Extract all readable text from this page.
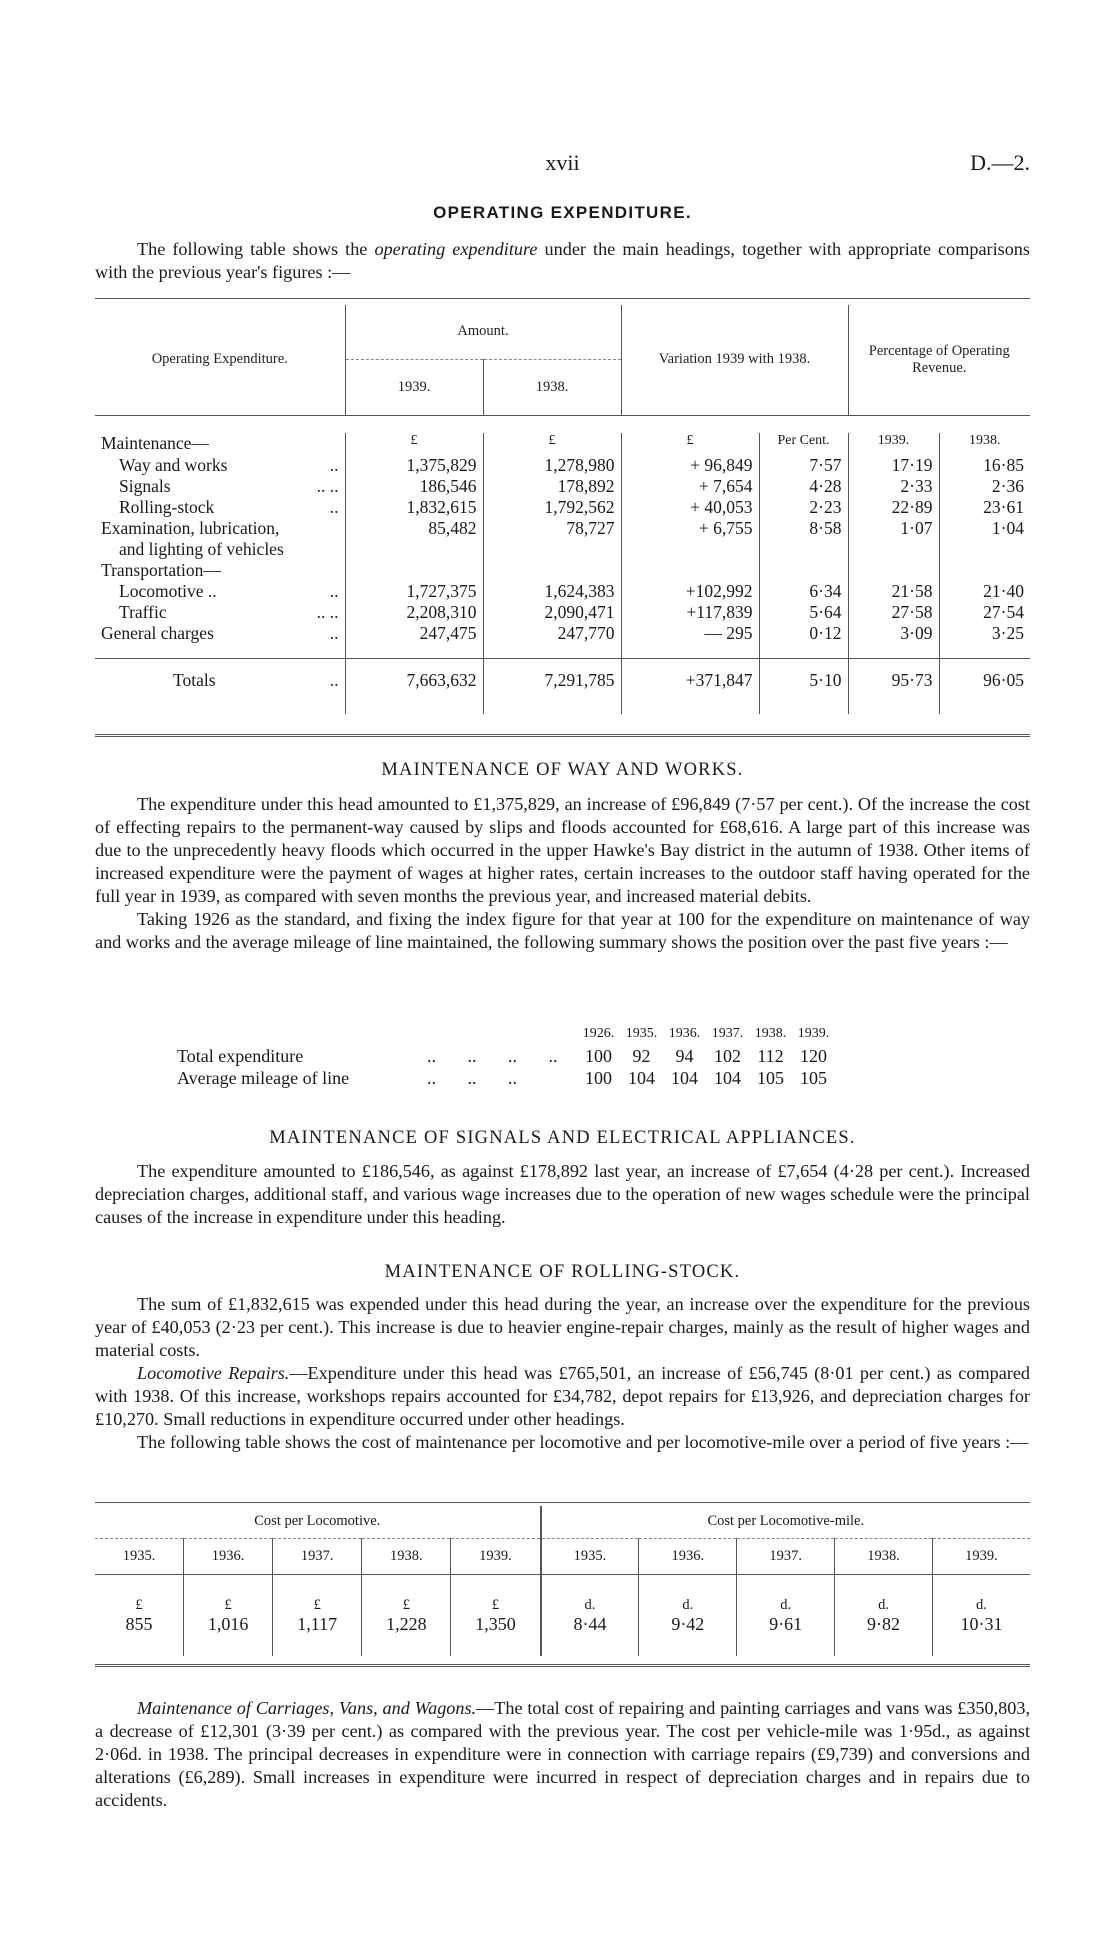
xvii	D.—2.
OPERATING EXPENDITURE.

The following table shows the operating expenditure under the main headings, together with appropriate comparisons with the previous year's figures :—

Operating Expenditure.	Amount.		Variation 1939 with 1938.		Percentage of Operating Revenue.	
	1939.	1938.				

Maintenance—	£	£	£	Per Cent.	1939.	1938.
Way and works ..	1,375,829	1,278,980	+ 96,849	7·57	17·19	16·85
Signals .. ..	186,546	178,892	+ 7,654	4·28	2·33	2·36
Rolling-stock ..	1,832,615	1,792,562	+ 40,053	2·23	22·89	23·61
Examination, lubrication,	85,482	78,727	+ 6,755	8·58	1·07	1·04
and lighting of vehicles						
Transportation—						
Locomotive .. ..	1,727,375	1,624,383	+102,992	6·34	21·58	21·40
Traffic .. ..	2,208,310	2,090,471	+117,839	5·64	27·58	27·54
General charges ..	247,475	247,770	— 295	0·12	3·09	3·25

Totals ..	7,663,632	7,291,785	+371,847	5·10	95·73	96·05

MAINTENANCE OF WAY AND WORKS.

The expenditure under this head amounted to £1,375,829, an increase of £96,849 (7·57 per cent.). Of the increase the cost of effecting repairs to the permanent-way caused by slips and floods accounted for £68,616. A large part of this increase was due to the unprecedently heavy floods which occurred in the upper Hawke's Bay district in the autumn of 1938. Other items of increased expenditure were the payment of wages at higher rates, certain increases to the outdoor staff having operated for the full year in 1939, as compared with seven months the previous year, and increased material debits.

Taking 1926 as the standard, and fixing the index figure for that year at 100 for the expenditure on maintenance of way and works and the average mileage of line maintained, the following summary shows the position over the past five years :—

		1926.	1935.	1936.	1937.	1938.	1939.
Total expenditure	..       ..       ..       ..	100	92	94	102	112	120
Average mileage of line	..       ..       ..	100	104	104	104	105	105
MAINTENANCE OF SIGNALS AND ELECTRICAL APPLIANCES.

The expenditure amounted to £186,546, as against £178,892 last year, an increase of £7,654 (4·28 per cent.). Increased depreciation charges, additional staff, and various wage increases due to the operation of new wages schedule were the principal causes of the increase in expenditure under this heading.

MAINTENANCE OF ROLLING-STOCK.

The sum of £1,832,615 was expended under this head during the year, an increase over the expenditure for the previous year of £40,053 (2·23 per cent.). This increase is due to heavier engine-repair charges, mainly as the result of higher wages and material costs.

Locomotive Repairs.—Expenditure under this head was £765,501, an increase of £56,745 (8·01 per cent.) as compared with 1938. Of this increase, workshops repairs accounted for £34,782, depot repairs for £13,926, and depreciation charges for £10,270. Small reductions in expenditure occurred under other headings.

The following table shows the cost of maintenance per locomotive and per locomotive-mile over a period of five years :—

Cost per Locomotive.					Cost per Locomotive-mile.				
1935.	1936.	1937.	1938.	1939.	1935.	1936.	1937.	1938.	1939.
£	£	£	£	£	d.	d.	d.	d.	d.
855	1,016	1,117	1,228	1,350	8·44	9·42	9·61	9·82	10·31

Maintenance of Carriages, Vans, and Wagons.—The total cost of repairing and painting carriages and vans was £350,803, a decrease of £12,301 (3·39 per cent.) as compared with the previous year. The cost per vehicle-mile was 1·95d., as against 2·06d. in 1938. The principal decreases in expenditure were in connection with carriage repairs (£9,739) and conversions and alterations (£6,289). Small increases in expenditure were incurred in respect of depreciation charges and in repairs due to accidents.
